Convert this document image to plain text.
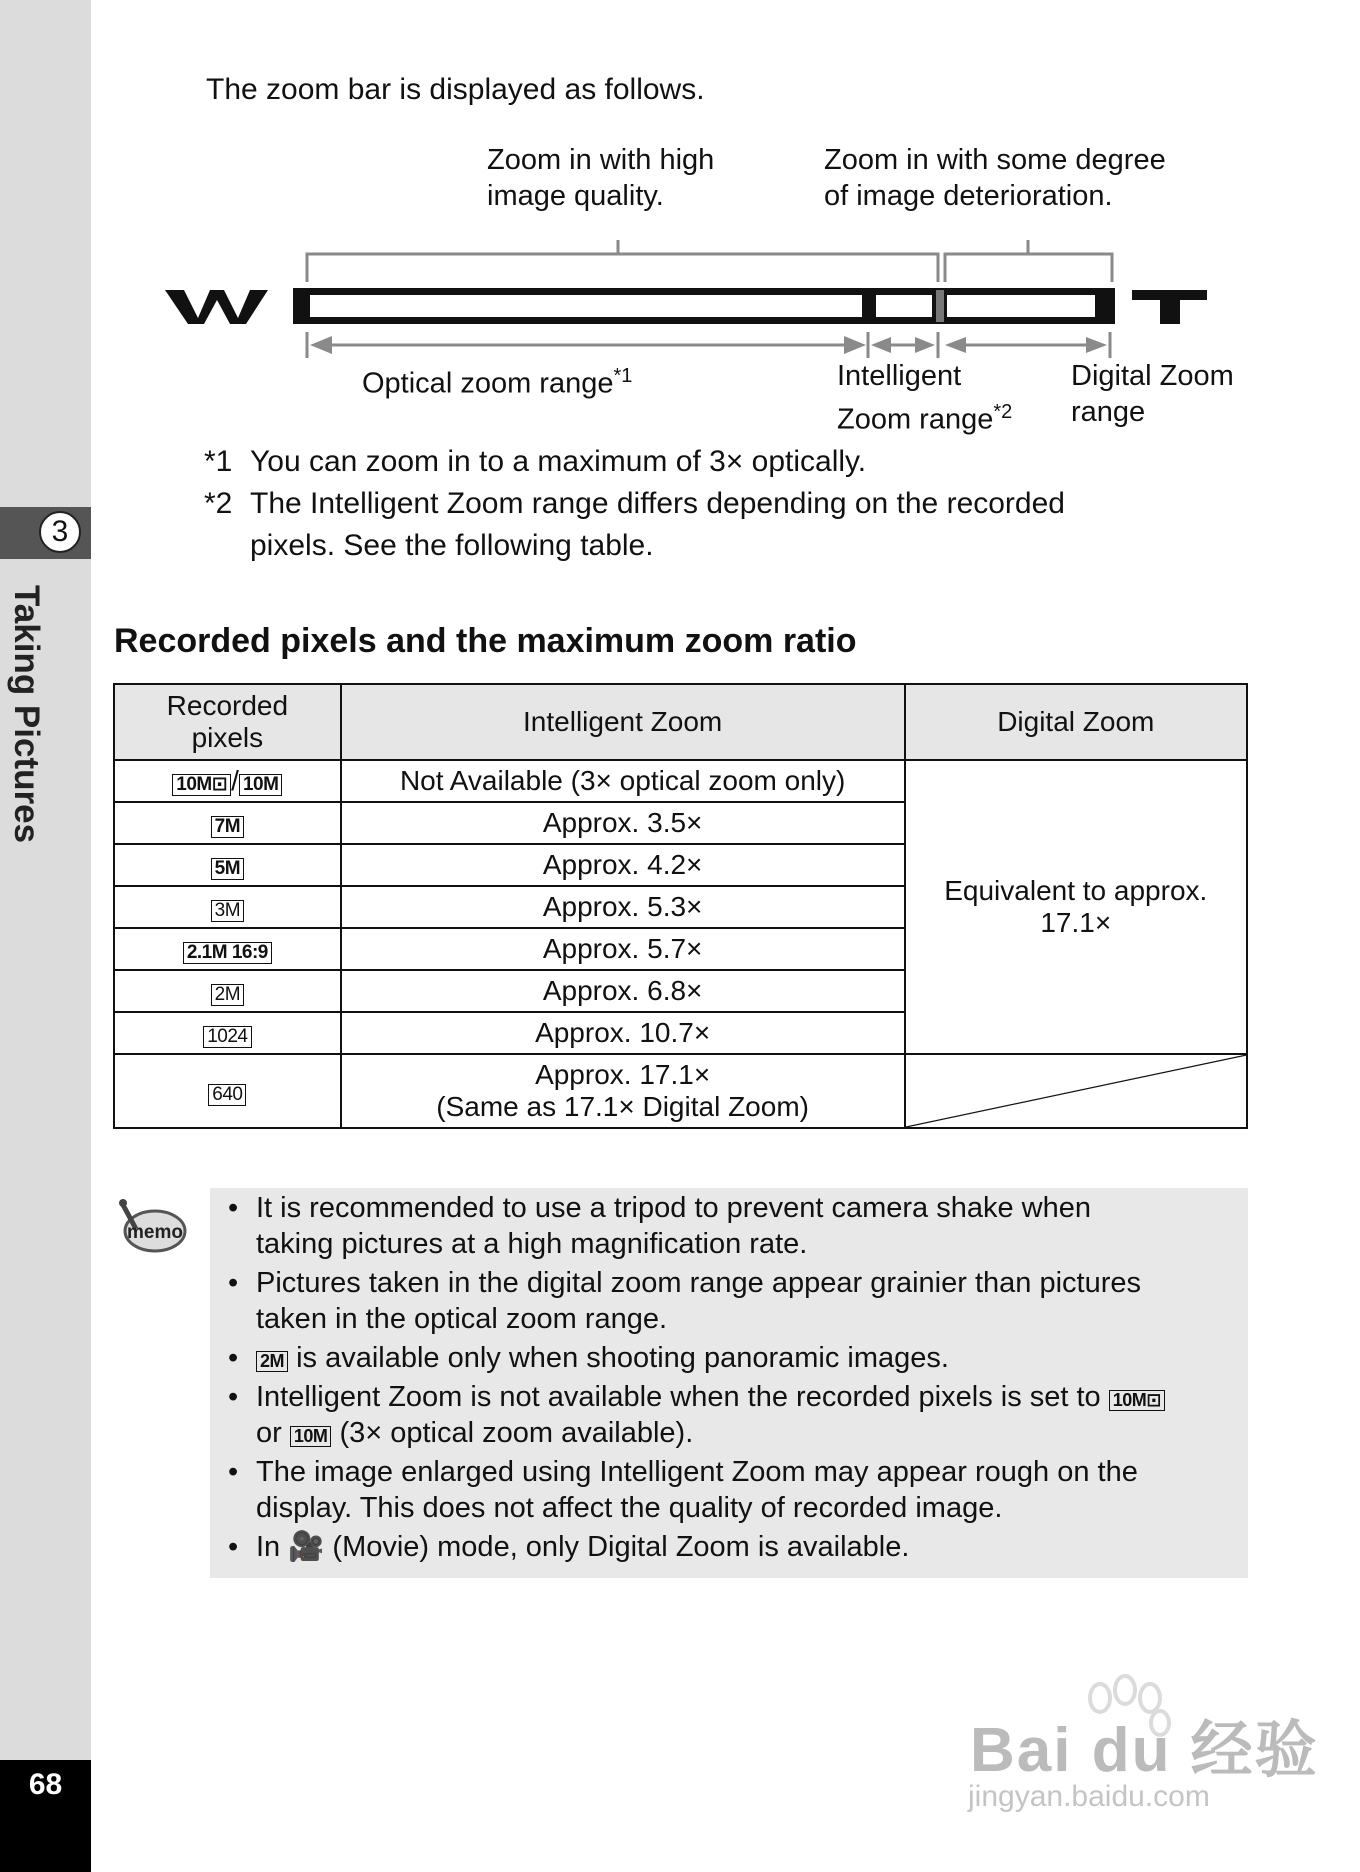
3
Taking Pictures
68
The zoom bar is displayed as follows.
Zoom in with high
image quality.
Zoom in with some degree
of image deterioration.
Optical zoom range$^{*1}$	Intelligent
Zoom range$^{*2}$
Digital Zoom
range
*1 You can zoom in to a maximum of 3× optically.
*2 The Intelligent Zoom range differs depending on the recorded
pixels. See the following table.
Recorded pixels and the maximum zoom ratio
Recorded
pixels	Intelligent Zoom	Digital Zoom
10M⊡ / 10M	Not Available (3× optical zoom only)	Equivalent to approx.
17.1×
7M	Approx. 3.5×	
5M	Approx. 4.2×	
3M	Approx. 5.3×	
2.1M 16:9	Approx. 5.7×	
2M	Approx. 6.8×	
1024	Approx. 10.7×	
640	Approx. 17.1×
(Same as 17.1× Digital Zoom)	
memo
• It is recommended to use a tripod to prevent camera shake when
taking pictures at a high magnification rate.
• Pictures taken in the digital zoom range appear grainier than pictures
taken in the optical zoom range.
• 2M is available only when shooting panoramic images.
• Intelligent Zoom is not available when the recorded pixels is set to 10M⊡
or 10M (3× optical zoom available).
• The image enlarged using Intelligent Zoom may appear rough on the
display. This does not affect the quality of recorded image.
• In 🎥 (Movie) mode, only Digital Zoom is available.
Bai du 经验
jingyan.baidu.com
